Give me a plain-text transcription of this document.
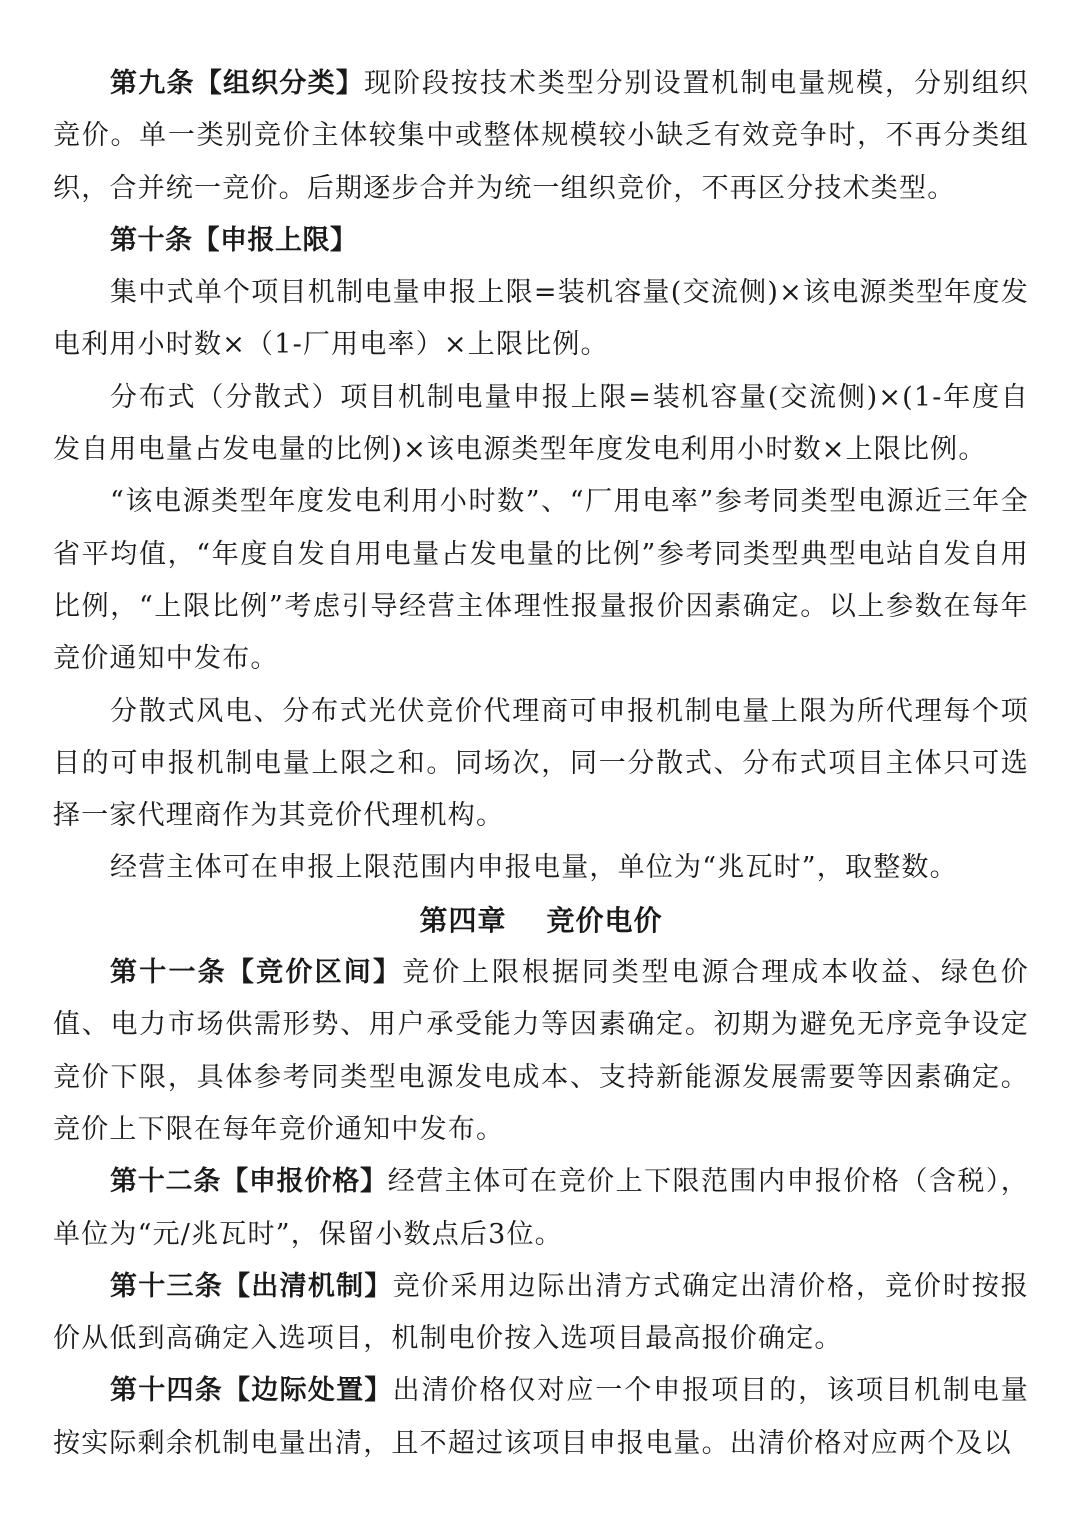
第九条【组织分类】现阶段按技术类型分别设置机制电量规模，分别组织竞价。单一类别竞价主体较集中或整体规模较小缺乏有效竞争时，不再分类组织，合并统一竞价。后期逐步合并为统一组织竞价，不再区分技术类型。

第十条【申报上限】

集中式单个项目机制电量申报上限=装机容量(交流侧)×该电源类型年度发电利用小时数×（1-厂用电率）×上限比例。

分布式（分散式）项目机制电量申报上限=装机容量(交流侧)×(1-年度自发自用电量占发电量的比例)×该电源类型年度发电利用小时数×上限比例。

“该电源类型年度发电利用小时数”、“厂用电率”参考同类型电源近三年全省平均值，“年度自发自用电量占发电量的比例”参考同类型典型电站自发自用比例，“上限比例”考虑引导经营主体理性报量报价因素确定。以上参数在每年竞价通知中发布。

分散式风电、分布式光伏竞价代理商可申报机制电量上限为所代理每个项目的可申报机制电量上限之和。同场次，同一分散式、分布式项目主体只可选择一家代理商作为其竞价代理机构。

经营主体可在申报上限范围内申报电量，单位为“兆瓦时”，取整数。

第四章 竞价电价

第十一条【竞价区间】竞价上限根据同类型电源合理成本收益、绿色价值、电力市场供需形势、用户承受能力等因素确定。初期为避免无序竞争设定竞价下限，具体参考同类型电源发电成本、支持新能源发展需要等因素确定。竞价上下限在每年竞价通知中发布。

第十二条【申报价格】经营主体可在竞价上下限范围内申报价格（含税），单位为“元/兆瓦时”，保留小数点后3位。

第十三条【出清机制】竞价采用边际出清方式确定出清价格，竞价时按报价从低到高确定入选项目，机制电价按入选项目最高报价确定。

第十四条【边际处置】出清价格仅对应一个申报项目的，该项目机制电量按实际剩余机制电量出清，且不超过该项目申报电量。出清价格对应两个及以
